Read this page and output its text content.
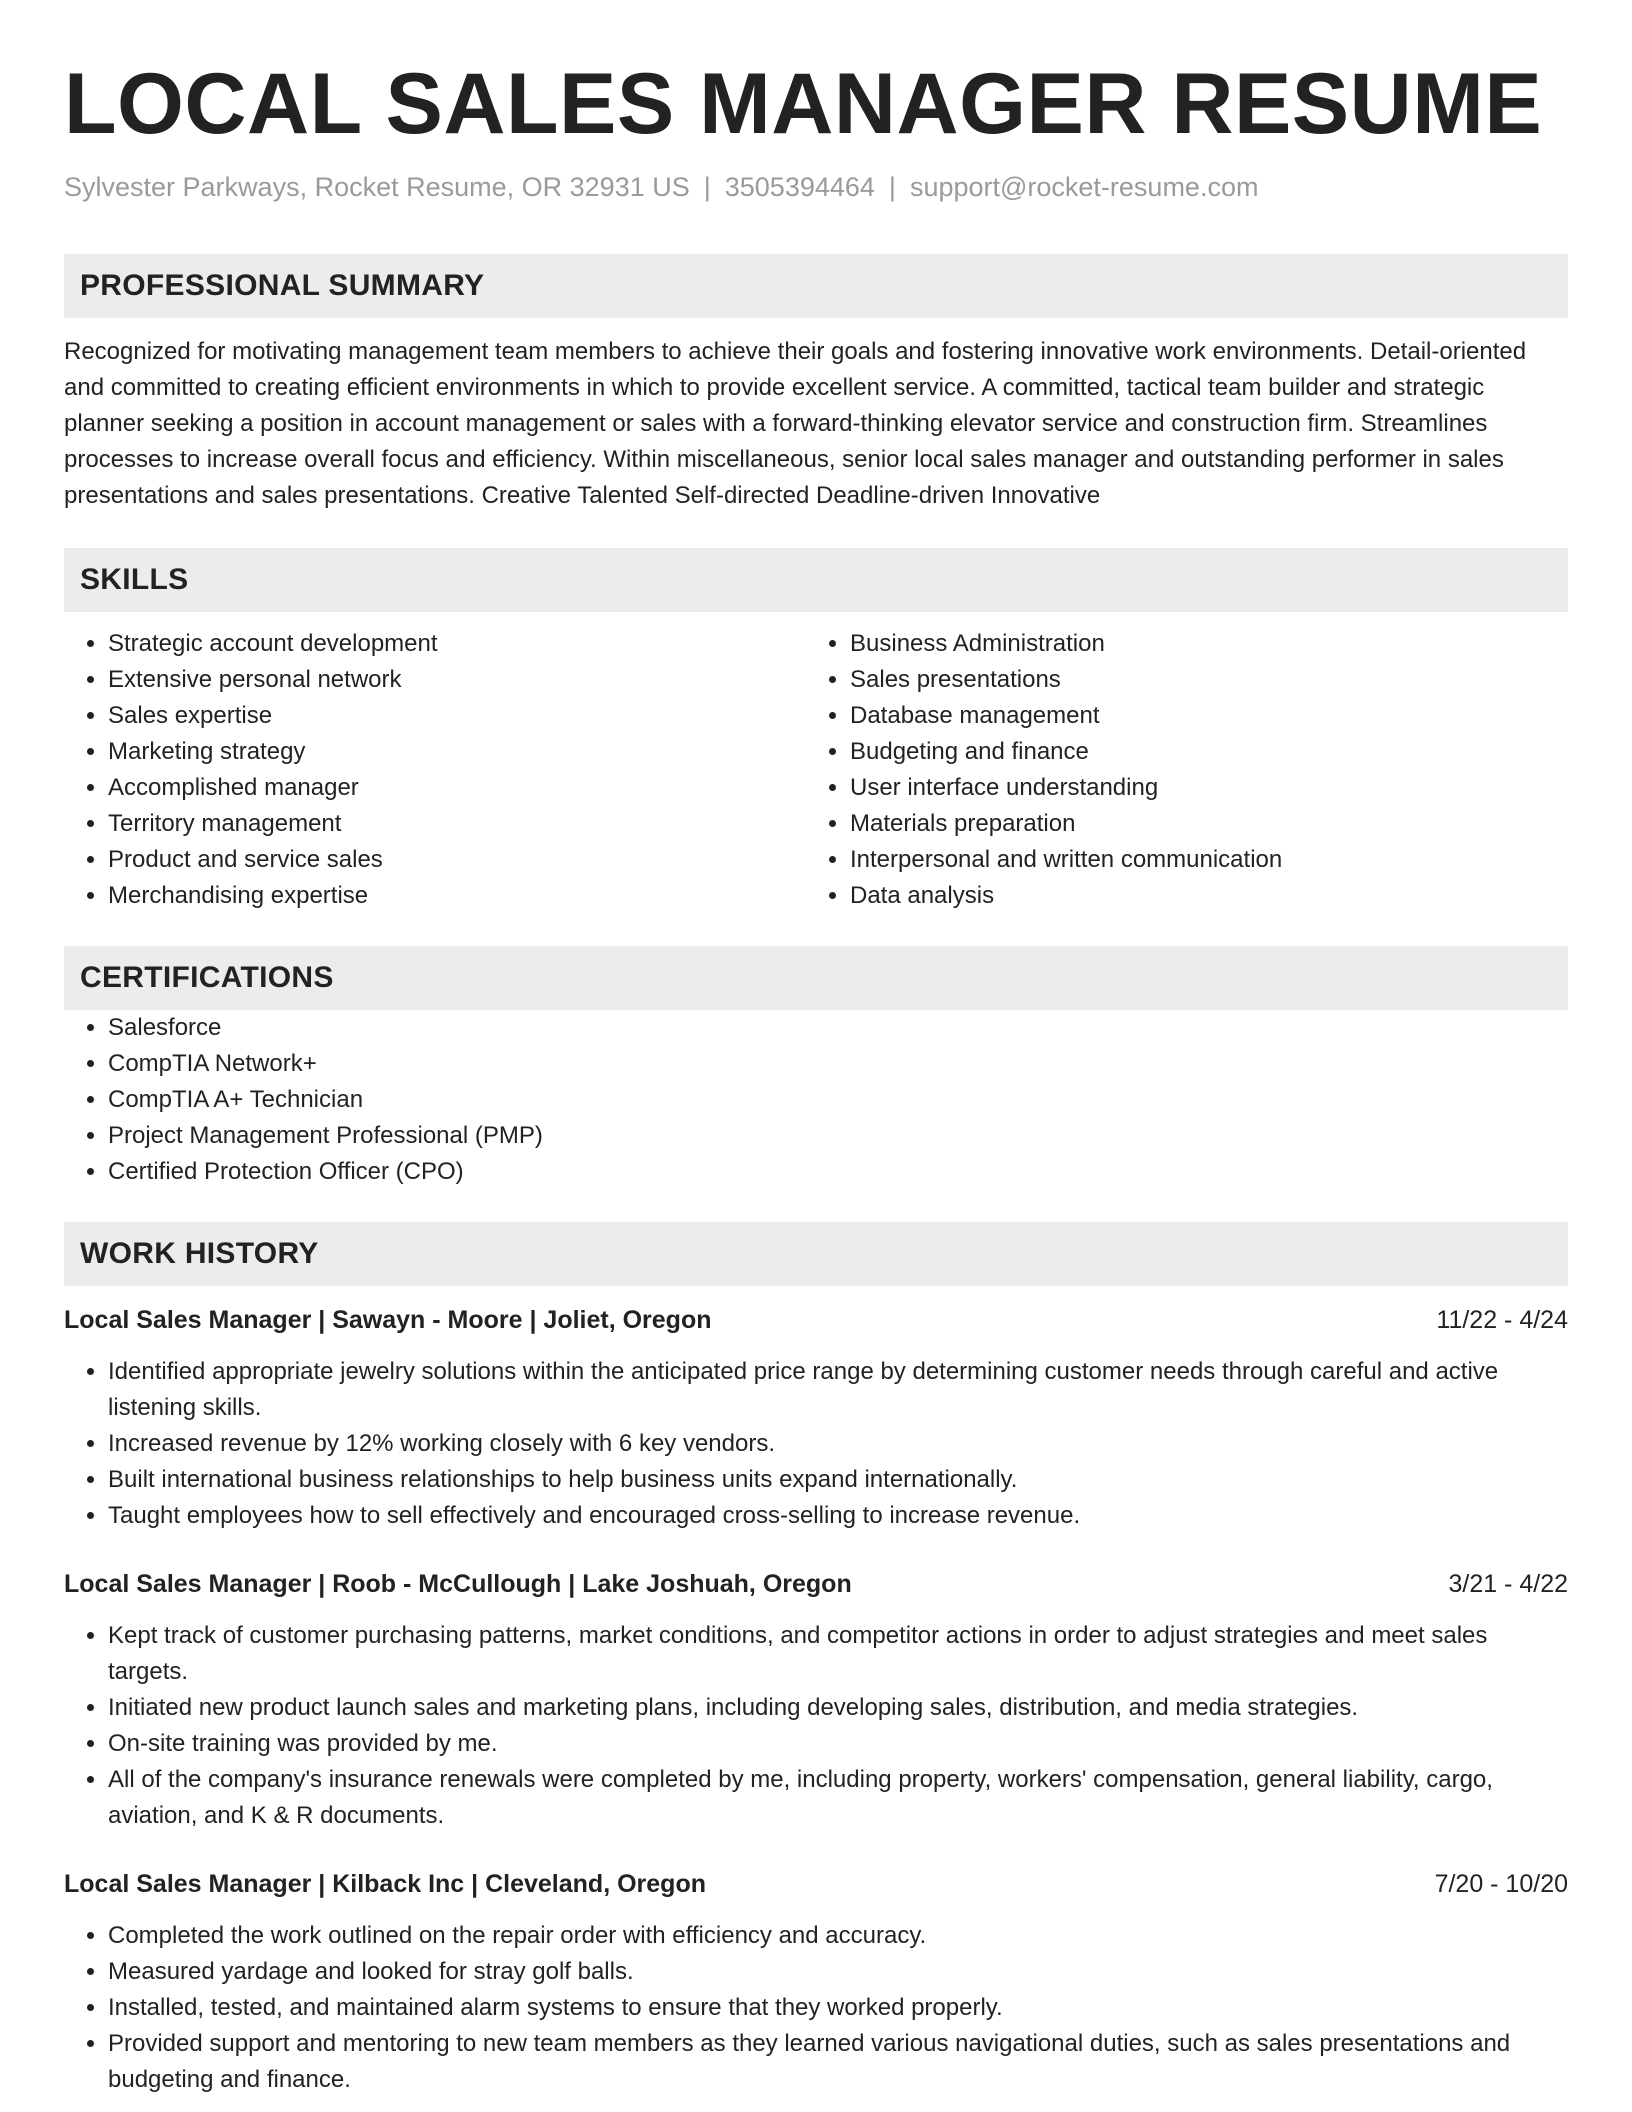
LOCAL SALES MANAGER RESUME
Sylvester Parkways, Rocket Resume, OR 32931 US | 3505394464 | support@rocket-resume.com
PROFESSIONAL SUMMARY

Recognized for motivating management team members to achieve their goals and fostering innovative work environments. Detail-oriented and committed to creating efficient environments in which to provide excellent service. A committed, tactical team builder and strategic planner seeking a position in account management or sales with a forward-thinking elevator service and construction firm. Streamlines processes to increase overall focus and efficiency. Within miscellaneous, senior local sales manager and outstanding performer in sales presentations and sales presentations. Creative Talented Self-directed Deadline-driven Innovative

SKILLS
• Strategic account development
• Extensive personal network
• Sales expertise
• Marketing strategy
• Accomplished manager
• Territory management
• Product and service sales
• Merchandising expertise
• Business Administration
• Sales presentations
• Database management
• Budgeting and finance
• User interface understanding
• Materials preparation
• Interpersonal and written communication
• Data analysis
CERTIFICATIONS
• Salesforce
• CompTIA Network+
• CompTIA A+ Technician
• Project Management Professional (PMP)
• Certified Protection Officer (CPO)
WORK HISTORY
Local Sales Manager | Sawayn - Moore | Joliet, Oregon	11/22 - 4/24
• Identified appropriate jewelry solutions within the anticipated price range by determining customer needs through careful and active listening skills.
• Increased revenue by 12% working closely with 6 key vendors.
• Built international business relationships to help business units expand internationally.
• Taught employees how to sell effectively and encouraged cross-selling to increase revenue.
Local Sales Manager | Roob - McCullough | Lake Joshuah, Oregon	3/21 - 4/22
• Kept track of customer purchasing patterns, market conditions, and competitor actions in order to adjust strategies and meet sales targets.
• Initiated new product launch sales and marketing plans, including developing sales, distribution, and media strategies.
• On-site training was provided by me.
• All of the company's insurance renewals were completed by me, including property, workers' compensation, general liability, cargo, aviation, and K & R documents.
Local Sales Manager | Kilback Inc | Cleveland, Oregon	7/20 - 10/20
• Completed the work outlined on the repair order with efficiency and accuracy.
• Measured yardage and looked for stray golf balls.
• Installed, tested, and maintained alarm systems to ensure that they worked properly.
• Provided support and mentoring to new team members as they learned various navigational duties, such as sales presentations and budgeting and finance.
